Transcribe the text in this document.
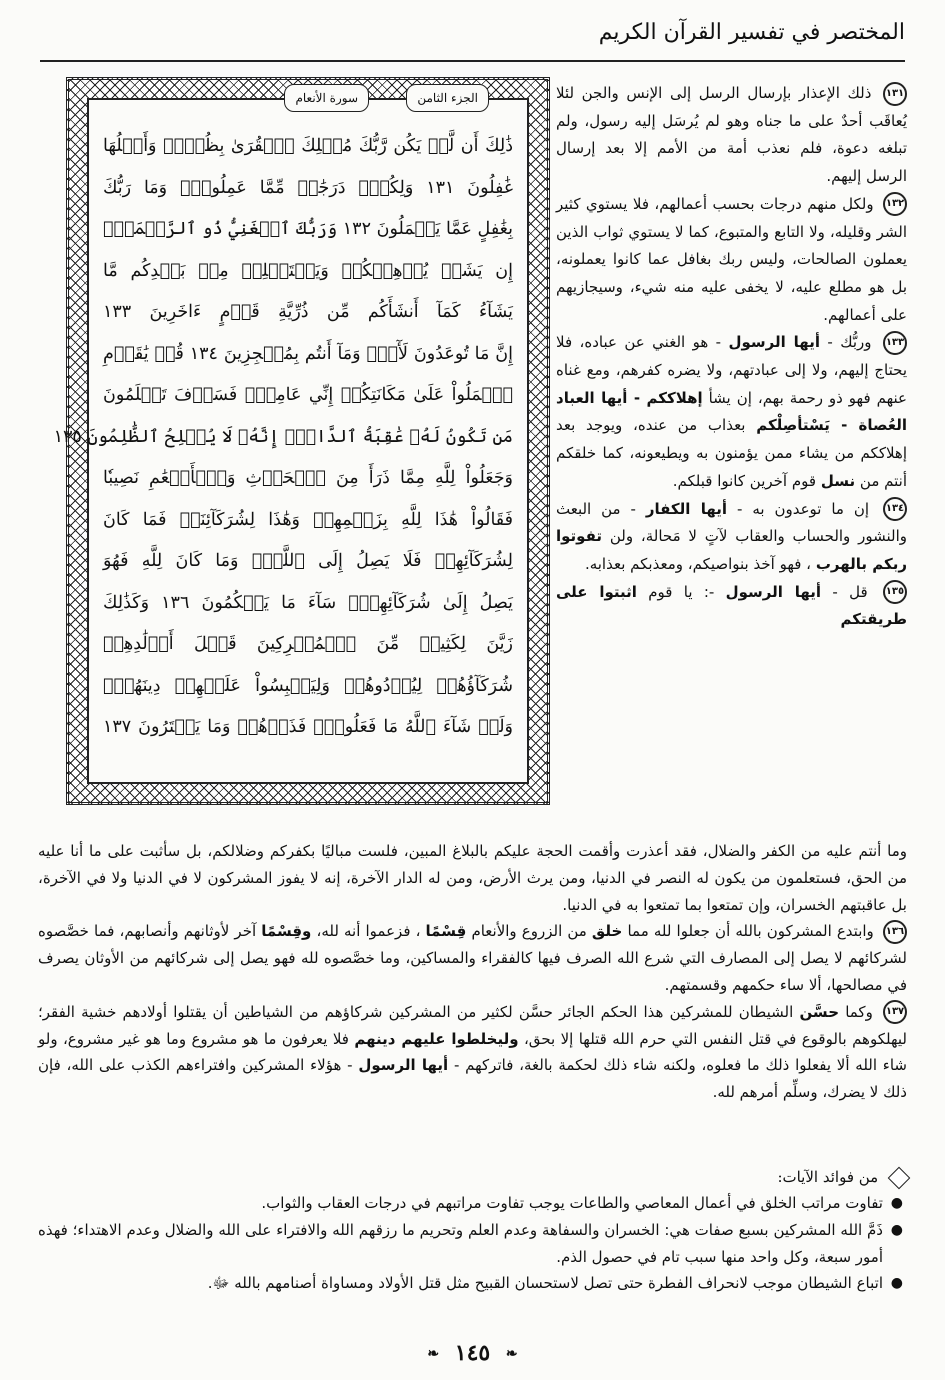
المختصر في تفسير القرآن الكريم
الجزء الثامن
سورة الأنعام
ذَٰلِكَ أَن لَّمۡ يَكُن رَّبُّكَ مُهۡلِكَ ٱلۡقُرَىٰ بِظُلۡمٖ وَأَهۡلُهَا
غَٰفِلُونَ ١٣١ وَلِكُلّٖ دَرَجَٰتٞ مِّمَّا عَمِلُواْۚ وَمَا رَبُّكَ
بِغَٰفِلٍ عَمَّا يَعۡمَلُونَ ١٣٢ وَرَبُّكَ ٱلۡغَنِيُّ ذُو ٱلرَّحۡمَةِۚ
إِن يَشَأۡ يُذۡهِبۡكُمۡ وَيَسۡتَخۡلِفۡ مِنۢ بَعۡدِكُم مَّا
يَشَآءُ كَمَآ أَنشَأَكُم مِّن ذُرِّيَّةِ قَوۡمٍ ءَاخَرِينَ ١٣٣
إِنَّ مَا تُوعَدُونَ لَأٓتٖۖ وَمَآ أَنتُم بِمُعۡجِزِينَ ١٣٤ قُلۡ يَٰقَوۡمِ
ٱعۡمَلُواْ عَلَىٰ مَكَانَتِكُمۡ إِنِّي عَامِلٞۖ فَسَوۡفَ تَعۡلَمُونَ
مَن تَكُونُ لَهُۥ عَٰقِبَةُ ٱلدَّارِۚ إِنَّهُۥ لَا يُفۡلِحُ ٱلظَّٰلِمُونَ ١٣٥
وَجَعَلُواْ لِلَّهِ مِمَّا ذَرَأَ مِنَ ٱلۡحَرۡثِ وَٱلۡأَنۡعَٰمِ نَصِيبٗا
فَقَالُواْ هَٰذَا لِلَّهِ بِزَعۡمِهِمۡ وَهَٰذَا لِشُرَكَآئِنَاۖ فَمَا كَانَ
لِشُرَكَآئِهِمۡ فَلَا يَصِلُ إِلَى ٱللَّهِۖ وَمَا كَانَ لِلَّهِ فَهُوَ
يَصِلُ إِلَىٰ شُرَكَآئِهِمۡۗ سَآءَ مَا يَحۡكُمُونَ ١٣٦ وَكَذَٰلِكَ
زَيَّنَ لِكَثِيرٖ مِّنَ ٱلۡمُشۡرِكِينَ قَتۡلَ أَوۡلَٰدِهِمۡ
شُرَكَآؤُهُمۡ لِيُرۡدُوهُمۡ وَلِيَلۡبِسُواْ عَلَيۡهِمۡ دِينَهُمۡۖ
وَلَوۡ شَآءَ ٱللَّهُ مَا فَعَلُوهُۖ فَذَرۡهُمۡ وَمَا يَفۡتَرُونَ ١٣٧

١٣١ ذلك الإعذار بإرسال الرسل إلى الإنس والجن لئلا يُعاقَب أحدٌ على ما جناه وهو لم يُرسَل إليه رسول، ولم تبلغه دعوة، فلم نعذب أمة من الأمم إلا بعد إرسال الرسل إليهم.

١٣٢ ولكل منهم درجات بحسب أعمالهم، فلا يستوي كثير الشر وقليله، ولا التابع والمتبوع، كما لا يستوي ثواب الذين يعملون الصالحات، وليس ربك بغافل عما كانوا يعملونه، بل هو مطلع عليه، لا يخفى عليه منه شيء، وسيجازيهم على أعمالهم.

١٣٣ وربُّك - أيها الرسول - هو الغني عن عباده، فلا يحتاج إليهم، ولا إلى عبادتهم، ولا يضره كفرهم، ومع غناه عنهم فهو ذو رحمة بهم، إن يشأ إهلاككم - أيها العباد العُصاة - يَسْتأصِلْكم بعذاب من عنده، ويوجد بعد إهلاككم من يشاء ممن يؤمنون به ويطيعونه، كما خلقكم أنتم من نسل قوم آخرين كانوا قبلكم.

١٣٤ إن ما توعدون به - أيها الكفار - من البعث والنشور والحساب والعقاب لآتٍ لا مَحالة، ولن تفوتوا ربكم بالهرب ، فهو آخذ بنواصيكم، ومعذبكم بعذابه.

١٣٥ قل - أيها الرسول -: يا قوم اثبتوا على طريقتكم

وما أنتم عليه من الكفر والضلال، فقد أعذرت وأقمت الحجة عليكم بالبلاغ المبين، فلست مباليًا بكفركم وضلالكم، بل سأثبت على ما أنا عليه من الحق، فستعلمون من يكون له النصر في الدنيا، ومن يرث الأرض، ومن له الدار الآخرة، إنه لا يفوز المشركون لا في الدنيا ولا في الآخرة، بل عاقبتهم الخسران، وإن تمتعوا بما تمتعوا به في الدنيا.

١٣٦ وابتدع المشركون بالله أن جعلوا لله مما خلق من الزروع والأنعام قِسْمًا ، فزعموا أنه لله، وقِسْمًا آخر لأوثانهم وأنصابهم، فما خصَّصوه لشركائهم لا يصل إلى المصارف التي شرع الله الصرف فيها كالفقراء والمساكين، وما خصَّصوه لله فهو يصل إلى شركائهم من الأوثان يصرف في مصالحها، ألا ساء حكمهم وقسمتهم.

١٣٧ وكما حسَّن الشيطان للمشركين هذا الحكم الجائر حسَّن لكثير من المشركين شركاؤهم من الشياطين أن يقتلوا أولادهم خشية الفقر؛ ليهلكوهم بالوقوع في قتل النفس التي حرم الله قتلها إلا بحق، وليخلطوا عليهم دينهم فلا يعرفون ما هو مشروع وما هو غير مشروع، ولو شاء الله ألا يفعلوا ذلك ما فعلوه، ولكنه شاء ذلك لحكمة بالغة، فاتركهم - أيها الرسول - هؤلاء المشركين وافتراءهم الكذب على الله، فإن ذلك لا يضرك، وسلِّم أمرهم لله.

من فوائد الآيات:
●
تفاوت مراتب الخلق في أعمال المعاصي والطاعات يوجب تفاوت مراتبهم في درجات العقاب والثواب.
●
ذَمَّ الله المشركين بسبع صفات هي: الخسران والسفاهة وعدم العلم وتحريم ما رزقهم الله والافتراء على الله والضلال وعدم الاهتداء؛ فهذه أمور سبعة، وكل واحد منها سبب تام في حصول الذم.
●
اتباع الشيطان موجب لانحراف الفطرة حتى تصل لاستحسان القبيح مثل قتل الأولاد ومساواة أصنامهم بالله ﷻ.
❧ ١٤٥ ❧
